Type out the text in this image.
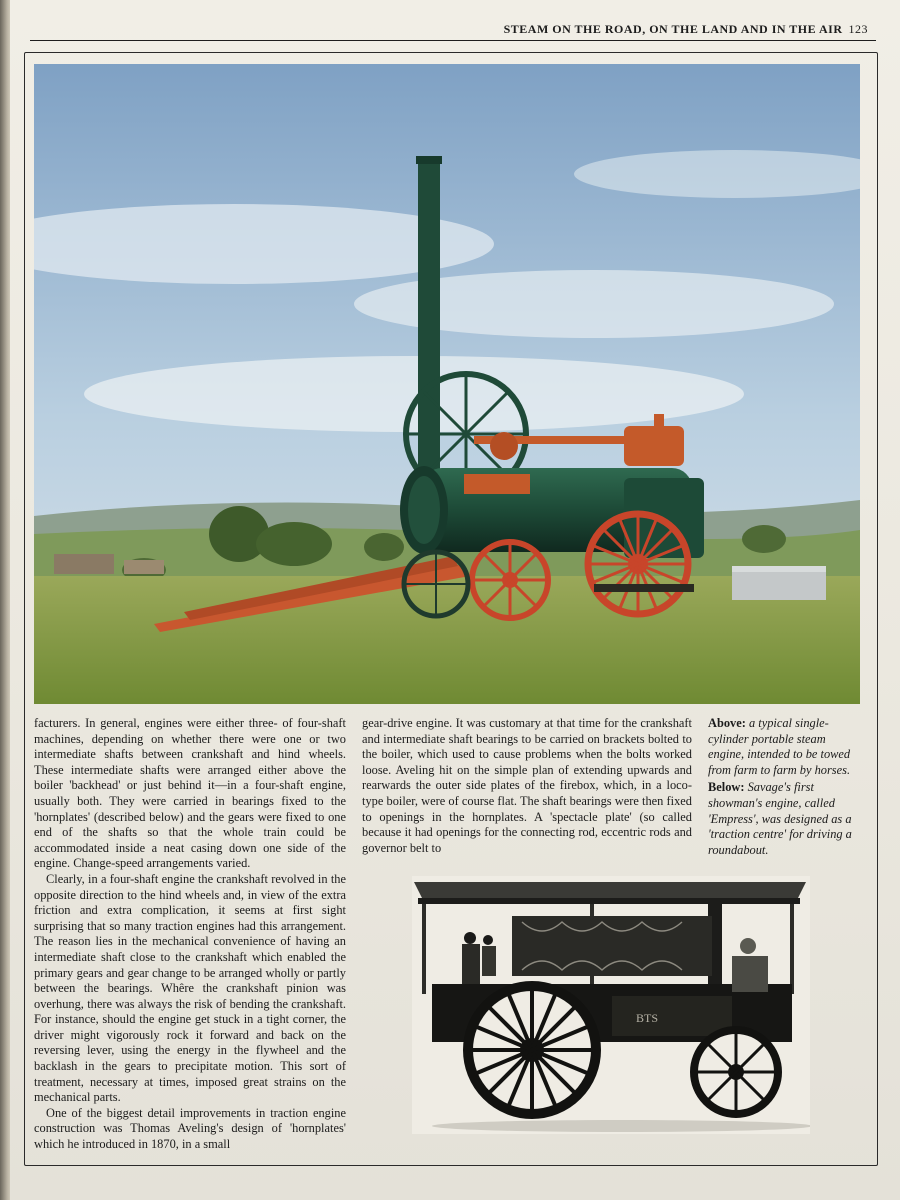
STEAM ON THE ROAD, ON THE LAND AND IN THE AIR 123

facturers. In general, engines were either three- of four-shaft machines, depending on whether there were one or two intermediate shafts between crankshaft and hind wheels. These intermediate shafts were arranged either above the boiler 'backhead' or just behind it—in a four-shaft engine, usually both. They were carried in bearings fixed to the 'hornplates' (described below) and the gears were fixed to one end of the shafts so that the whole train could be accommodated inside a neat casing down one side of the engine. Change-speed arrangements varied.

Clearly, in a four-shaft engine the crankshaft revolved in the opposite direction to the hind wheels and, in view of the extra friction and extra complication, it seems at first sight surprising that so many traction engines had this arrangement. The reason lies in the mechanical convenience of having an intermediate shaft close to the crankshaft which enabled the primary gears and gear change to be arranged wholly or partly between the bearings. Whêre the crankshaft pinion was overhung, there was always the risk of bending the crankshaft. For instance, should the engine get stuck in a tight corner, the driver might vigorously rock it forward and back on the reversing lever, using the energy in the flywheel and the backlash in the gears to precipitate motion. This sort of treatment, necessary at times, imposed great strains on the mechanical parts.

One of the biggest detail improvements in traction engine construction was Thomas Aveling's design of 'hornplates' which he introduced in 1870, in a small

gear-drive engine. It was customary at that time for the crankshaft and intermediate shaft bearings to be carried on brackets bolted to the boiler, which used to cause problems when the bolts worked loose. Aveling hit on the simple plan of extending upwards and rearwards the outer side plates of the firebox, which, in a loco-type boiler, were of course flat. The shaft bearings were then fixed to openings in the hornplates. A 'spectacle plate' (so called because it had openings for the connecting rod, eccentric rods and governor belt to

Above: a typical single-cylinder portable steam engine, intended to be towed from farm to farm by horses.
Below: Savage's first showman's engine, called 'Empress', was designed as a 'traction centre' for driving a roundabout.
BTS
